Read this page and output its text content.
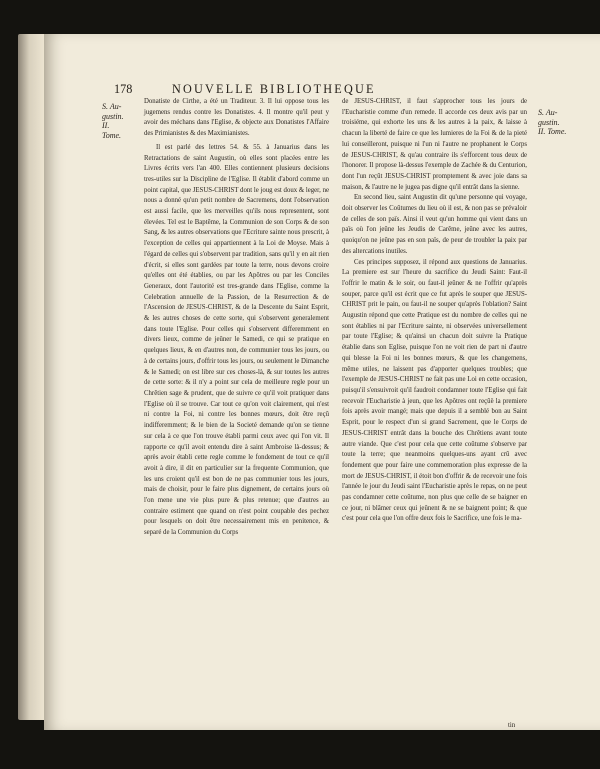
178	NOUVELLE BIBLIOTHEQUE
S. Au-
gustin.
II. Tome.
S. Au-
gustin.
II. Tome.

Donatiste de Cirthe, a été un Traditeur. 3. Il lui oppose tous les jugemens rendus contre les Donatistes. 4. Il montre qu'il peut y avoir des méchans dans l'Eglise, & objecte aux Donatistes l'Affaire des Primianistes & des Maximianistes.

Il est parlé des lettres 54. & 55. à Januarius dans les Retractations de saint Augustin, où elles sont placées entre les Livres écrits vers l'an 400. Elles contiennent plusieurs decisions tres-utiles sur la Discipline de l'Eglise. Il établit d'abord comme un point capital, que JESUS-CHRIST dont le joug est doux & leger, ne nous a donné qu'un petit nombre de Sacremens, dont l'observation est aussi facile, que les merveilles qu'ils nous representent, sont élevées. Tel est le Baptême, la Communion de son Corps & de son Sang, & les autres observations que l'Ecriture sainte nous prescrit, à l'exception de celles qui appartiennent à la Loi de Moyse. Mais à l'égard de celles qui s'observent par tradition, sans qu'il y en ait rien d'écrit, si elles sont gardées par toute la terre, nous devons croire qu'elles ont été établies, ou par les Apôtres ou par les Conciles Generaux, dont l'autorité est tres-grande dans l'Eglise, comme la Celebration annuelle de la Passion, de la Resurrection & de l'Ascension de JESUS-CHRIST, & de la Descente du Saint Esprit, & les autres choses de cette sorte, qui s'observent generalement dans toute l'Eglise. Pour celles qui s'observent differemment en divers lieux, comme de jeûner le Samedi, ce qui se pratique en quelques lieux, & en d'autres non, de communier tous les jours, ou à de certains jours, d'offrir tous les jours, ou seulement le Dimanche & le Samedi; on est libre sur ces choses-là, & sur toutes les autres de cette sorte: & il n'y a point sur cela de meilleure regle pour un Chrêtien sage & prudent, que de suivre ce qu'il voit pratiquer dans l'Eglise où il se trouve. Car tout ce qu'on voit clairement, qui n'est ni contre la Foi, ni contre les bonnes mœurs, doit être reçû indifferemment; & le bien de la Societé demande qu'on se tienne sur cela à ce que l'on trouve établi parmi ceux avec qui l'on vit. Il rapporte ce qu'il avoit entendu dire à saint Ambroise là-dessus; & après avoir établi cette regle comme le fondement de tout ce qu'il avoit à dire, il dit en particulier sur la frequente Communion, que les uns croient qu'il est bon de ne pas communier tous les jours, mais de choisir, pour le faire plus dignement, de certains jours où l'on mene une vie plus pure & plus retenue; que d'autres au contraire estiment que quand on n'est point coupable des pechez pour lesquels on doit être necessairement mis en penitence, & separé de la Communion du Corps

de JESUS-CHRIST, il faut s'approcher tous les jours de l'Eucharistie comme d'un remede. Il accorde ces deux avis par un troisiéme, qui exhorte les uns & les autres à la paix, & laisse à chacun la liberté de faire ce que les lumieres de la Foi & de la pieté lui conseilleront, puisque ni l'un ni l'autre ne prophanent le Corps de JESUS-CHRIST, & qu'au contraire ils s'efforcent tous deux de l'honorer. Il propose là-dessus l'exemple de Zachée & du Centurion, dont l'un reçût JESUS-CHRIST promptement & avec joie dans sa maison, & l'autre ne le jugea pas digne qu'il entrât dans la sienne.

En second lieu, saint Augustin dit qu'une personne qui voyage, doit observer les Coûtumes du lieu où il est, & non pas se prévaloir de celles de son païs. Ainsi il veut qu'un homme qui vient dans un païs où l'on jeûne les Jeudis de Carême, jeûne avec les autres, quoiqu'on ne jeûne pas en son païs, de peur de troubler la paix par des altercations inutiles.

Ces principes supposez, il répond aux questions de Januarius. La premiere est sur l'heure du sacrifice du Jeudi Saint: Faut-il l'offrir le matin & le soir, ou faut-il jeûner & ne l'offrir qu'après souper, parce qu'il est écrit que ce fut après le souper que JESUS-CHRIST prit le pain, ou faut-il ne souper qu'après l'oblation? Saint Augustin répond que cette Pratique est du nombre de celles qui ne sont établies ni par l'Ecriture sainte, ni observées universellement par toute l'Eglise; & qu'ainsi un chacun doit suivre la Pratique établie dans son Eglise, puisque l'on ne voit rien de part ni d'autre qui blesse la Foi ni les bonnes mœurs, & que les changemens, même utiles, ne laissent pas d'apporter quelques troubles; que l'exemple de JESUS-CHRIST ne fait pas une Loi en cette occasion, puisqu'il s'ensuivroit qu'il faudroit condamner toute l'Eglise qui fait recevoir l'Eucharistie à jeun, que les Apôtres ont reçûë la premiere fois après avoir mangé; mais que depuis il a semblé bon au Saint Esprit, pour le respect d'un si grand Sacrement, que le Corps de JESUS-CHRIST entrât dans la bouche des Chrêtiens avant toute autre viande. Que c'est pour cela que cette coûtume s'observe par toute la terre; que neanmoins quelques-uns ayant crû avec fondement que pour faire une commemoration plus expresse de la mort de JESUS-CHRIST, il étoit bon d'offrir & de recevoir une fois l'année le jour du Jeudi saint l'Eucharistie après le repas, on ne peut pas condamner cette coûtume, non plus que celle de se baigner en ce jour, ni blâmer ceux qui jeûnent & ne se baignent point; & que c'est pour cela que l'on offre deux fois le Sacrifice, une fois le ma-

tin
